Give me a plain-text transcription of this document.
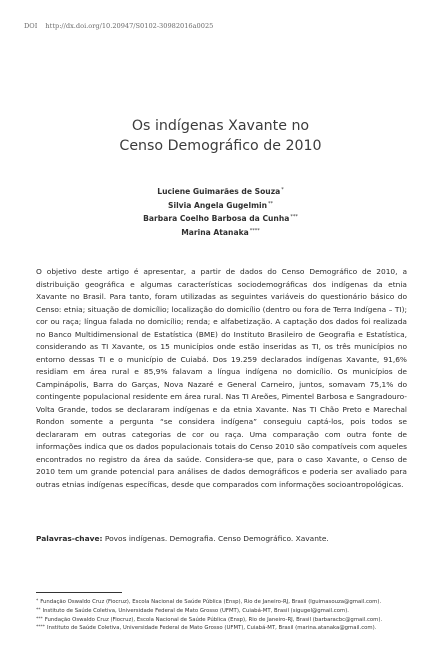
DOI http://dx.doi.org/10.20947/S0102-30982016a0025
Os indígenas Xavante no
Censo Demográfico de 2010
Luciene Guimarães de Souza*
Silvia Angela Gugelmin**
Barbara Coelho Barbosa da Cunha***
Marina Atanaka****

O objetivo deste artigo é apresentar, a partir de dados do Censo Demográfico de 2010, a distribuição geográfica e algumas características sociodemográficas dos indígenas da etnia Xavante no Brasil. Para tanto, foram utilizadas as seguintes variáveis do questionário básico do Censo: etnia; situação de domicílio; localização do domicílio (dentro ou fora de Terra Indígena – TI); cor ou raça; língua falada no domicílio; renda; e alfabetização. A captação dos dados foi realizada no Banco Multidimensional de Estatística (BME) do Instituto Brasileiro de Geografia e Estatística, considerando as TI Xavante, os 15 municípios onde estão inseridas as TI, os três municípios no entorno dessas TI e o município de Cuiabá. Dos 19.259 declarados indígenas Xavante, 91,6% residiam em área rural e 85,9% falavam a língua indígena no domicílio. Os municípios de Campinápolis, Barra do Garças, Nova Nazaré e General Carneiro, juntos, somavam 75,1% do contingente populacional residente em área rural. Nas TI Areões, Pimentel Barbosa e Sangradouro-Volta Grande, todos se declararam indígenas e da etnia Xavante. Nas TI Chão Preto e Marechal Rondon somente a pergunta “se considera indígena” conseguiu captá-los, pois todos se declararam em outras categorias de cor ou raça. Uma comparação com outra fonte de informações indica que os dados populacionais totais do Censo 2010 são compatíveis com aqueles encontrados no registro da área da saúde. Considera-se que, para o caso Xavante, o Censo de 2010 tem um grande potencial para análises de dados demográficos e poderia ser avaliado para outras etnias indígenas específicas, desde que comparados com informações socioantropológicas.

Palavras-chave: Povos indígenas. Demografia. Censo Demográfico. Xavante.
* Fundação Oswaldo Cruz (Fiocruz), Escola Nacional de Saúde Pública (Ensp), Rio de Janeiro-RJ, Brasil (lguimasouza@gmail.com).
** Instituto de Saúde Coletiva, Universidade Federal de Mato Grosso (UFMT), Cuiabá-MT, Brasil (sigugel@gmail.com).
*** Fundação Oswaldo Cruz (Fiocruz), Escola Nacional de Saúde Pública (Ensp), Rio de Janeiro-RJ, Brasil (barbaracbc@gmail.com).
**** Instituto de Saúde Coletiva, Universidade Federal de Mato Grosso (UFMT), Cuiabá-MT, Brasil (marina.atanaka@gmail.com).
